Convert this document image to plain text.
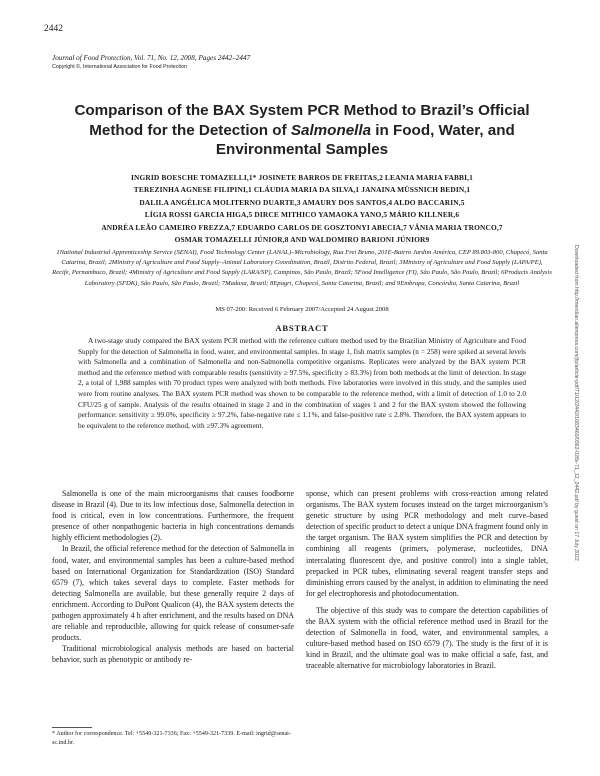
2442
Journal of Food Protection, Vol. 71, No. 12, 2008, Pages 2442–2447
Copyright ©, International Association for Food Protection
Comparison of the BAX System PCR Method to Brazil’s Official
Method for the Detection of Salmonella in Food, Water, and
Environmental Samples
INGRID BOESCHE TOMAZELLI,1* JOSINETE BARROS DE FREITAS,2 LEANIA MARIA FABBI,1
TEREZINHA AGNESE FILIPINI,1 CLÁUDIA MARIA DA SILVA,1 JANAINA MÜSSNICH BEDIN,1
DALILA ANGÉLICA MOLITERNO DUARTE,3 AMAURY DOS SANTOS,4 ALDO BACCARIN,5
LÍGIA ROSSI GARCIA HIGA,5 DIRCE MITHICO YAMAOKA YANO,5 MÁRIO KILLNER,6
ANDRÉA LEÃO CAMEIRO FREZZA,7 EDUARDO CARLOS DE GOSZTONYI ABECIA,7 VÂNIA MARIA TRONCO,7
OSMAR TOMAZELLI JÚNIOR,8 AND WALDOMIRO BARIONI JÚNIOR9
1National Industrial Apprenticeship Service (SENAI), Food Technology Center (LANAL)–Microbiology, Rua Frei Bruno, 201E-Bairro Jardim América, CEP 89.803-800, Chapecó, Santa Catarina, Brazil; 2Ministry of Agriculture and Food Supply–Animal Laboratory Coordination, Brazil, Distrito Federal, Brazil; 3Ministry of Agriculture and Food Supply (LAPA/PE), Recife, Pernambuco, Brazil; 4Ministry of Agriculture and Food Supply (LARA/SP), Campinas, São Paulo, Brazil; 5Food Intelligence (FI), São Paulo, São Paulo, Brazil; 6Products Analysis Laboratory (SFDK), São Paulo, São Paulo, Brazil; 7Madaxa, Brazil; 8Epagri, Chapecó, Santa Catarina, Brazil; and 9Embrapa, Concórdia, Santa Catarina, Brazil
MS 07-200: Received 6 February 2007/Accepted 24 August 2008
ABSTRACT

A two-stage study compared the BAX system PCR method with the reference culture method used by the Brazilian Ministry of Agriculture and Food Supply for the detection of Salmonella in food, water, and environmental samples. In stage 1, fish matrix samples (n = 258) were spiked at several levels with Salmonella and a combination of Salmonella and non-Salmonella competitive organisms. Replicates were analyzed by the BAX system PCR method and the reference method with comparable results (sensitivity ≥ 97.5%, specificity ≥ 83.3%) from both methods at the limit of detection. In stage 2, a total of 1,988 samples with 70 product types were analyzed with both methods. Five laboratories were involved in this study, and the samples used were from routine analyses. The BAX system PCR method was shown to be comparable to the reference method, with a limit of detection of 1.0 to 2.0 CFU/25 g of sample. Analysis of the results obtained in stage 2 and in the combination of stages 1 and 2 for the BAX system showed the following performance: sensitivity ≥ 99.0%, specificity ≥ 97.2%, false-negative rate ≤ 1.1%, and false-positive rate ≤ 2.8%. Therefore, the BAX system appears to be equivalent to the reference method, with ≥97.3% agreement.

Salmonella is one of the main microorganisms that causes foodborne disease in Brazil (4). Due to its low infectious dose, Salmonella detection in food is critical, even in low concentrations. Furthermore, the frequent presence of other nonpathogenic bacteria in high concentrations demands highly efficient methodologies (2).

In Brazil, the official reference method for the detection of Salmonella in food, water, and environmental samples has been a culture-based method based on International Organization for Standardization (ISO) Standard 6579 (7), which takes several days to complete. Faster methods for detecting Salmonella are available, but these generally require 2 days of enrichment. According to DuPont Qualicon (4), the BAX system detects the pathogen approximately 4 h after enrichment, and the results based on DNA are reliable and reproducible, allowing for quick release of consumer-safe products.

Traditional microbiological analysis methods are based on bacterial behavior, such as phenotypic or antibody re-

sponse, which can present problems with cross-reaction among related organisms. The BAX system focuses instead on the target microorganism’s genetic structure by using PCR methodology and melt curve–based detection of specific product to detect a unique DNA fragment found only in the target organism. The BAX system simplifies the PCR and detection by combining all reagents (primers, polymerase, nucleotides, DNA intercalating fluorescent dye, and positive control) into a single tablet, prepacked in PCR tubes, eliminating several reagent transfer steps and diminishing errors caused by the analyst, in addition to eliminating the need for gel electrophoresis and photodocumentation.

The objective of this study was to compare the detection capabilities of the BAX system with the official reference method used in Brazil for the detection of Salmonella in food, water, and environmental samples, a culture-based method based on ISO 6579 (7). The study is the first of it is kind in Brazil, and the ultimate goal was to make official a safe, fast, and traceable alternative for microbiology laboratories in Brazil.

* Author for correspondence. Tel: +5549-321-7336; Fax: +5549-321-7339. E-mail: ingrid@senai-sc.ind.br.
Downloaded from http://meridian.allenpress.com/jfp/article-pdf/71/12/2442/1683460/0362-028x-71_12_2442.pdf by guest on 17 July 2022
